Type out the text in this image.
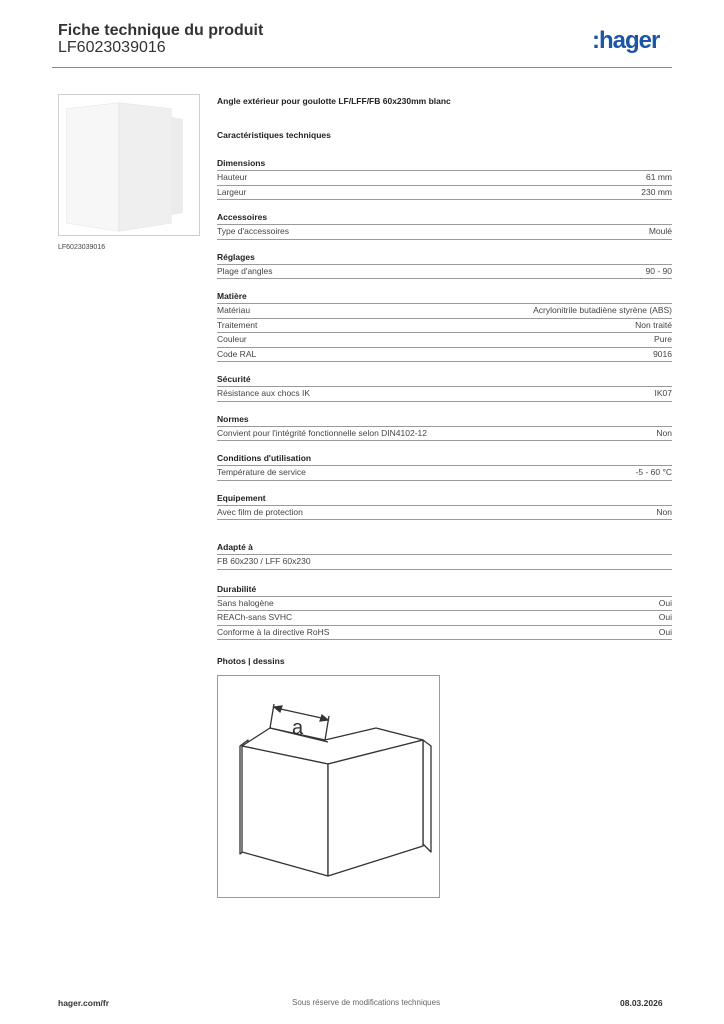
Fiche technique du produit
LF6023039016	:hager
LF6023039016
Angle extérieur pour goulotte LF/LFF/FB 60x230mm blanc
Caractéristiques techniques
Dimensions
Hauteur	61 mm
Largeur	230 mm
Accessoires
Type d'accessoires	Moulé
Réglages
Plage d'angles	90 - 90
Matière
Matériau	Acrylonitrile butadiène styrène (ABS)
Traitement	Non traité
Couleur	Pure
Code RAL	9016
Sécurité
Résistance aux chocs IK	IK07
Normes
Convient pour l'intégrité fonctionnelle selon DIN4102-12	Non
Conditions d'utilisation
Température de service	-5 - 60 °C
Equipement
Avec film de protection	Non
Adapté à
FB 60x230 / LFF 60x230
Durabilité
Sans halogène	Oui
REACh-sans SVHC	Oui
Conforme à la directive RoHS	Oui
Photos | dessins
a
hager.com/fr	Sous réserve de modifications techniques	08.03.2026
